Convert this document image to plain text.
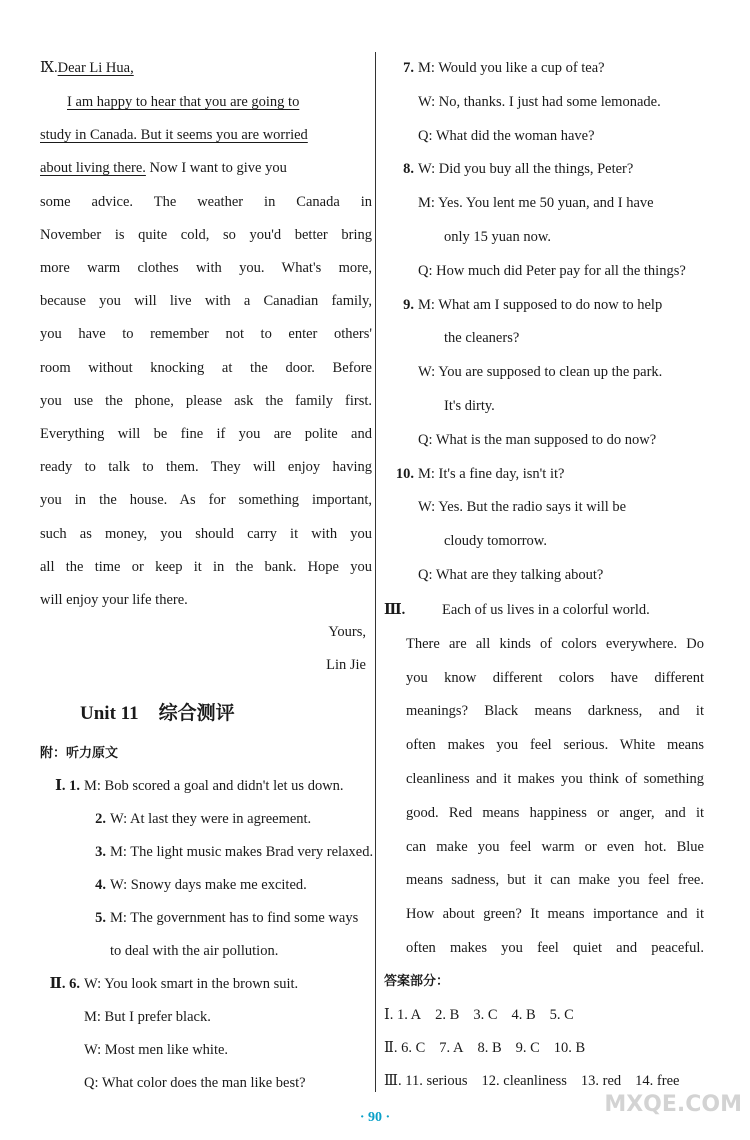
Ⅸ.Dear Li Hua,
I am happy to hear that you are going to
study in Canada. But it seems you are worried
about living there. Now I want to give you
some advice. The weather in Canada in
November is quite cold, so you'd better bring
more warm clothes with you. What's more,
because you will live with a Canadian family,
you have to remember not to enter others'
room without knocking at the door. Before
you use the phone, please ask the family first.
Everything will be fine if you are polite and
ready to talk to them. They will enjoy having
you in the house. As for something important,
such as money, you should carry it with you
all the time or keep it in the bank. Hope you
will enjoy your life there.
Yours,
Lin Jie
Unit 11 综合测评
附：听力原文
Ⅰ. 1. M: Bob scored a goal and didn't let us down.
2. W: At last they were in agreement.
3. M: The light music makes Brad very relaxed.
4. W: Snowy days make me excited.
5. M: The government has to find some ways
to deal with the air pollution.
Ⅱ. 6. W: You look smart in the brown suit.
M: But I prefer black.
W: Most men like white.
Q: What color does the man like best?
7. M: Would you like a cup of tea?
W: No, thanks. I just had some lemonade.
Q: What did the woman have?
8. W: Did you buy all the things, Peter?
M: Yes. You lent me 50 yuan, and I have
only 15 yuan now.
Q: How much did Peter pay for all the things?
9. M: What am I supposed to do now to help
the cleaners?
W: You are supposed to clean up the park.
It's dirty.
Q: What is the man supposed to do now?
10. M: It's a fine day, isn't it?
W: Yes. But the radio says it will be
cloudy tomorrow.
Q: What are they talking about?
Ⅲ.	Each of us lives in a colorful world.
There are all kinds of colors everywhere. Do
you know different colors have different
meanings? Black means darkness, and it
often makes you feel serious. White means
cleanliness and it makes you think of something
good. Red means happiness or anger, and it
can make you feel warm or even hot. Blue
means sadness, but it can make you feel free.
How about green? It means importance and it
often makes you feel quiet and peaceful.
答案部分：
Ⅰ. 1. A 2. B 3. C 4. B 5. C
Ⅱ. 6. C 7. A 8. B 9. C 10. B
Ⅲ. 11. serious 12. cleanliness 13. red 14. free
· 90 ·
MXQE.COM
